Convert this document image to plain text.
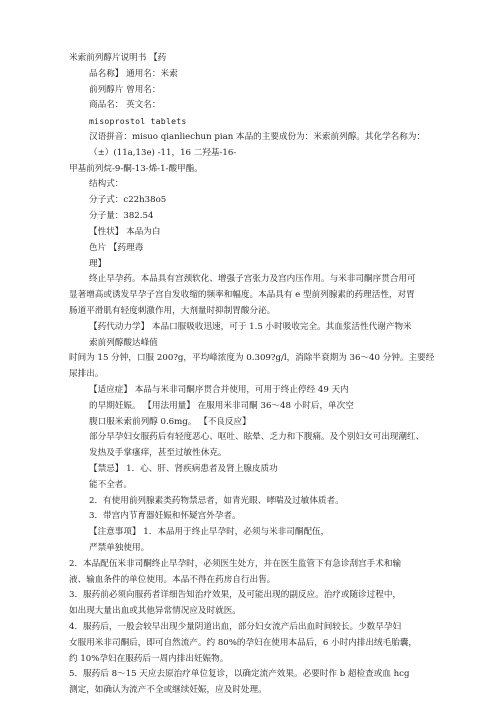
米索前列醇片说明书 【药
品名称】 通用名：米索
前列醇片 曾用名：
商品名： 英文名：
misoprostol tablets
汉语拼音：misuo qianliechun pian 本品的主要成份为：米索前列醇。其化学名称为：
（±）(11a,13e) -11，16 二羟基-16-
甲基前列烷-9-酮-13-烯-1-酸甲酯。
结构式：
分子式：c22h38o5
分子量：382.54
【性状】 本品为白
色片 【药理毒
理】
终止早孕药。本品具有宫颈软化、增强子宫张力及宫内压作用。与米非司酮序贯合用可
显著增高或诱发早孕子宫自发收缩的频率和幅度。本品具有 e 型前列腺素的药理活性，对胃
肠道平滑肌有轻度刺激作用，大剂量时抑制胃酸分泌。
【药代动力学】 本品口服吸收迅速，可于 1.5 小时吸收完全。其血浆活性代谢产物米
索前列醇酸达峰值
时间为 15 分钟，口服 200?g，平均峰浓度为 0.309?g/l，消除半衰期为 36～40 分钟。主要经
尿排出。
【适应症】 本品与米非司酮序贯合并使用，可用于终止停经 49 天内
的早期妊娠。 【用法用量】 在服用米非司酮 36～48 小时后，单次空
腹口服米索前列醇 0.6mg。 【不良反应】
部分早孕妇女服药后有轻度恶心、呕吐、眩晕、乏力和下腹痛。及个别妇女可出现潮红、
发热及手掌瘙痒，甚至过敏性休克。
【禁忌】 1．心、肝、肾疾病患者及肾上腺皮质功
能不全者。
2．有使用前列腺素类药物禁忌者，如青光眼、哮喘及过敏体质者。
3．带宫内节育器妊娠和怀疑宫外孕者。
【注意事项】 1．本品用于终止早孕时，必须与米非司酮配伍，
严禁单独使用。
2．本品配伍米非司酮终止早孕时，必须医生处方，并在医生监管下有急诊刮宫手术和输
液、输血条件的单位使用。本品不得在药房自行出售。
3．服药前必须向服药者详细告知治疗效果，及可能出现的副反应。治疗或随诊过程中，
如出现大量出血或其他异常情况应及时就医。
4．服药后，一般会较早出现少量阴道出血，部分妇女流产后出血时间较长。少数早孕妇
女服用米非司酮后，即可自然流产。约 80%的孕妇在使用本品后，6 小时内排出绒毛胎囊，
约 10%孕妇在服药后一周内排出妊娠物。
5．服药后 8～15 天应去原治疗单位复诊，以确定流产效果。必要时作 b 超检查或血 hcg
测定，如确认为流产不全或继续妊娠，应及时处理。
